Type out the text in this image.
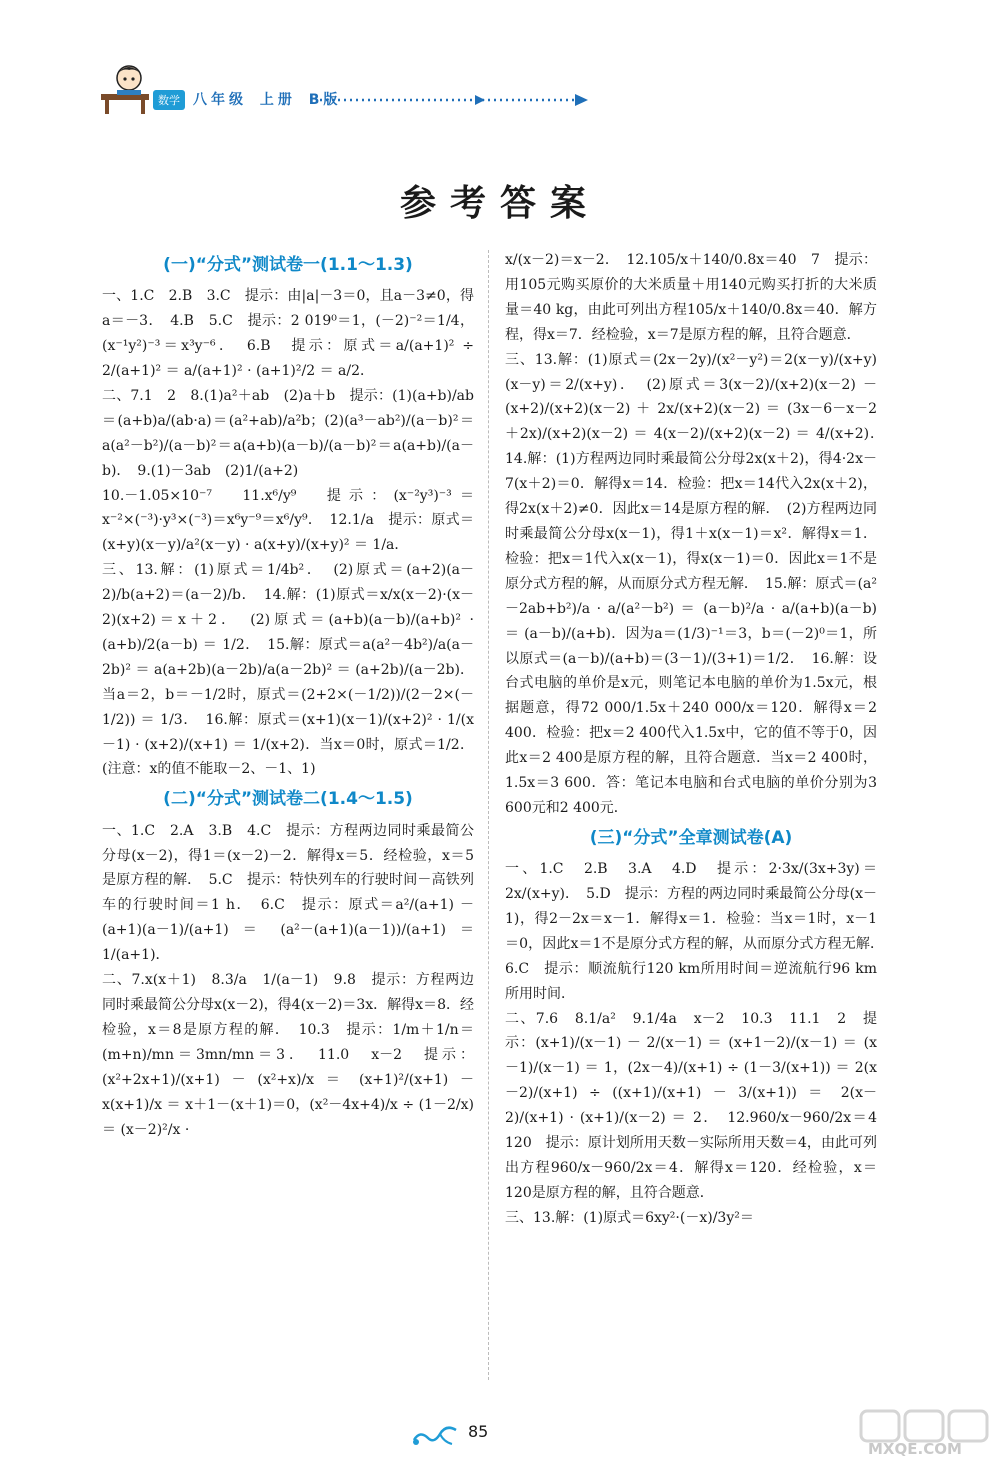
数学 八年级 上册 B版
参考答案
(一)“分式”测试卷一(1.1～1.3)

一、1.C　2.B　3.C　提示：由|a|－3＝0，且a－3≠0，得a＝－3．　4.B　5.C　提示：2 019⁰＝1，(－2)⁻²＝1/4，(x⁻¹y²)⁻³＝x³y⁻⁶．　6.B　提示：原式＝a/(a+1)² ÷ 2/(a+1)² ＝ a/(a+1)² · (a+1)²/2 ＝ a/2．

二、7.1　2　8.(1)a²＋ab　(2)a＋b　提示：(1)(a+b)/ab＝(a+b)a/(ab·a)＝(a²+ab)/a²b；(2)(a³－ab²)/(a－b)²＝a(a²－b²)/(a－b)²＝a(a+b)(a－b)/(a－b)²＝a(a+b)/(a－b)．　9.(1)－3ab　(2)1/(a+2)

10.－1.05×10⁻⁷　11.x⁶/y⁹　提示：(x⁻²y³)⁻³＝x⁻²×(⁻³)·y³×(⁻³)＝x⁶y⁻⁹＝x⁶/y⁹．　12.1/a　提示：原式＝(x+y)(x－y)/a²(x－y) · a(x+y)/(x+y)² ＝ 1/a．

三、13.解：(1)原式＝1/4b²．　(2)原式＝(a+2)(a－2)/b(a+2)＝(a－2)/b．　14.解：(1)原式＝x/x(x－2)·(x－2)(x+2)＝x＋2．　(2)原式＝(a+b)(a－b)/(a+b)² · (a+b)/2(a－b) ＝ 1/2．　15.解：原式＝a(a²－4b²)/a(a－2b)² ＝ a(a+2b)(a－2b)/a(a－2b)² ＝ (a+2b)/(a－2b)．当a＝2，b＝－1/2时，原式＝(2+2×(－1/2))/(2－2×(－1/2)) ＝ 1/3．　16.解：原式＝(x+1)(x－1)/(x+2)² · 1/(x－1) · (x+2)/(x+1) ＝ 1/(x+2)．当x＝0时，原式＝1/2．(注意：x的值不能取－2、－1、1)

(二)“分式”测试卷二(1.4～1.5)

一、1.C　2.A　3.B　4.C　提示：方程两边同时乘最简公分母(x－2)，得1＝(x－2)－2．解得x＝5．经检验，x＝5是原方程的解．　5.C　提示：特快列车的行驶时间－高铁列车的行驶时间＝1 h．　6.C　提示：原式＝a²/(a+1) － (a+1)(a－1)/(a+1) ＝ (a²－(a+1)(a－1))/(a+1) ＝ 1/(a+1)．

二、7.x(x＋1)　8.3/a　1/(a－1)　9.8　提示：方程两边同时乘最简公分母x(x－2)，得4(x－2)＝3x．解得x＝8．经检验，x＝8是原方程的解．　10.3　提示：1/m＋1/n＝(m+n)/mn＝3mn/mn＝3．　11.0　x－2　提示：(x²+2x+1)/(x+1) － (x²+x)/x ＝ (x+1)²/(x+1) － x(x+1)/x ＝ x＋1－(x＋1)＝0，(x²－4x+4)/x ÷ (1－2/x) ＝ (x－2)²/x ·

x/(x－2)＝x－2．　12.105/x＋140/0.8x＝40　7　提示：用105元购买原价的大米质量＋用140元购买打折的大米质量＝40 kg，由此可列出方程105/x＋140/0.8x＝40．解方程，得x＝7．经检验，x＝7是原方程的解，且符合题意．

三、13.解：(1)原式＝(2x－2y)/(x²－y²)＝2(x－y)/(x+y)(x－y)＝2/(x+y)．　(2)原式＝3(x－2)/(x+2)(x－2) － (x+2)/(x+2)(x－2) ＋ 2x/(x+2)(x－2) ＝ (3x－6－x－2＋2x)/(x+2)(x－2) ＝ 4(x－2)/(x+2)(x－2) ＝ 4/(x+2)．　14.解：(1)方程两边同时乘最简公分母2x(x＋2)，得4·2x－7(x＋2)＝0．解得x＝14．检验：把x＝14代入2x(x＋2)，得2x(x＋2)≠0．因此x＝14是原方程的解．　(2)方程两边同时乘最简公分母x(x－1)，得1＋x(x－1)＝x²．解得x＝1．检验：把x＝1代入x(x－1)，得x(x－1)＝0．因此x＝1不是原分式方程的解，从而原分式方程无解．　15.解：原式＝(a²－2ab+b²)/a · a/(a²－b²) ＝ (a－b)²/a · a/(a+b)(a－b) ＝ (a－b)/(a+b)．因为a＝(1/3)⁻¹＝3，b＝(－2)⁰＝1，所以原式＝(a－b)/(a+b)＝(3－1)/(3+1)＝1/2．　16.解：设台式电脑的单价是x元，则笔记本电脑的单价为1.5x元，根据题意，得72 000/1.5x＋240 000/x＝120．解得x＝2 400．检验：把x＝2 400代入1.5x中，它的值不等于0，因此x＝2 400是原方程的解，且符合题意．当x＝2 400时，1.5x＝3 600．答：笔记本电脑和台式电脑的单价分别为3 600元和2 400元．

(三)“分式”全章测试卷(A)

一、1.C　2.B　3.A　4.D　提示：2·3x/(3x+3y)＝2x/(x+y)．　5.D　提示：方程的两边同时乘最简公分母(x－1)，得2－2x＝x－1．解得x＝1．检验：当x＝1时，x－1＝0，因此x＝1不是原分式方程的解，从而原分式方程无解．　6.C　提示：顺流航行120 km所用时间＝逆流航行96 km所用时间．

二、7.6　8.1/a²　9.1/4a　x－2　10.3　11.1　2　提示：(x+1)/(x－1) － 2/(x－1) ＝ (x+1－2)/(x－1) ＝ (x－1)/(x－1) ＝ 1，(2x－4)/(x+1) ÷ (1－3/(x+1)) ＝ 2(x－2)/(x+1) ÷ ((x+1)/(x+1) － 3/(x+1)) ＝ 2(x－2)/(x+1) · (x+1)/(x－2) ＝ 2．　12.960/x－960/2x＝4　120　提示：原计划所用天数－实际所用天数＝4，由此可列出方程960/x－960/2x＝4．解得x＝120．经检验，x＝120是原方程的解，且符合题意．

三、13.解：(1)原式＝6xy²·(－x)/3y²＝

85
MXQE.COM
